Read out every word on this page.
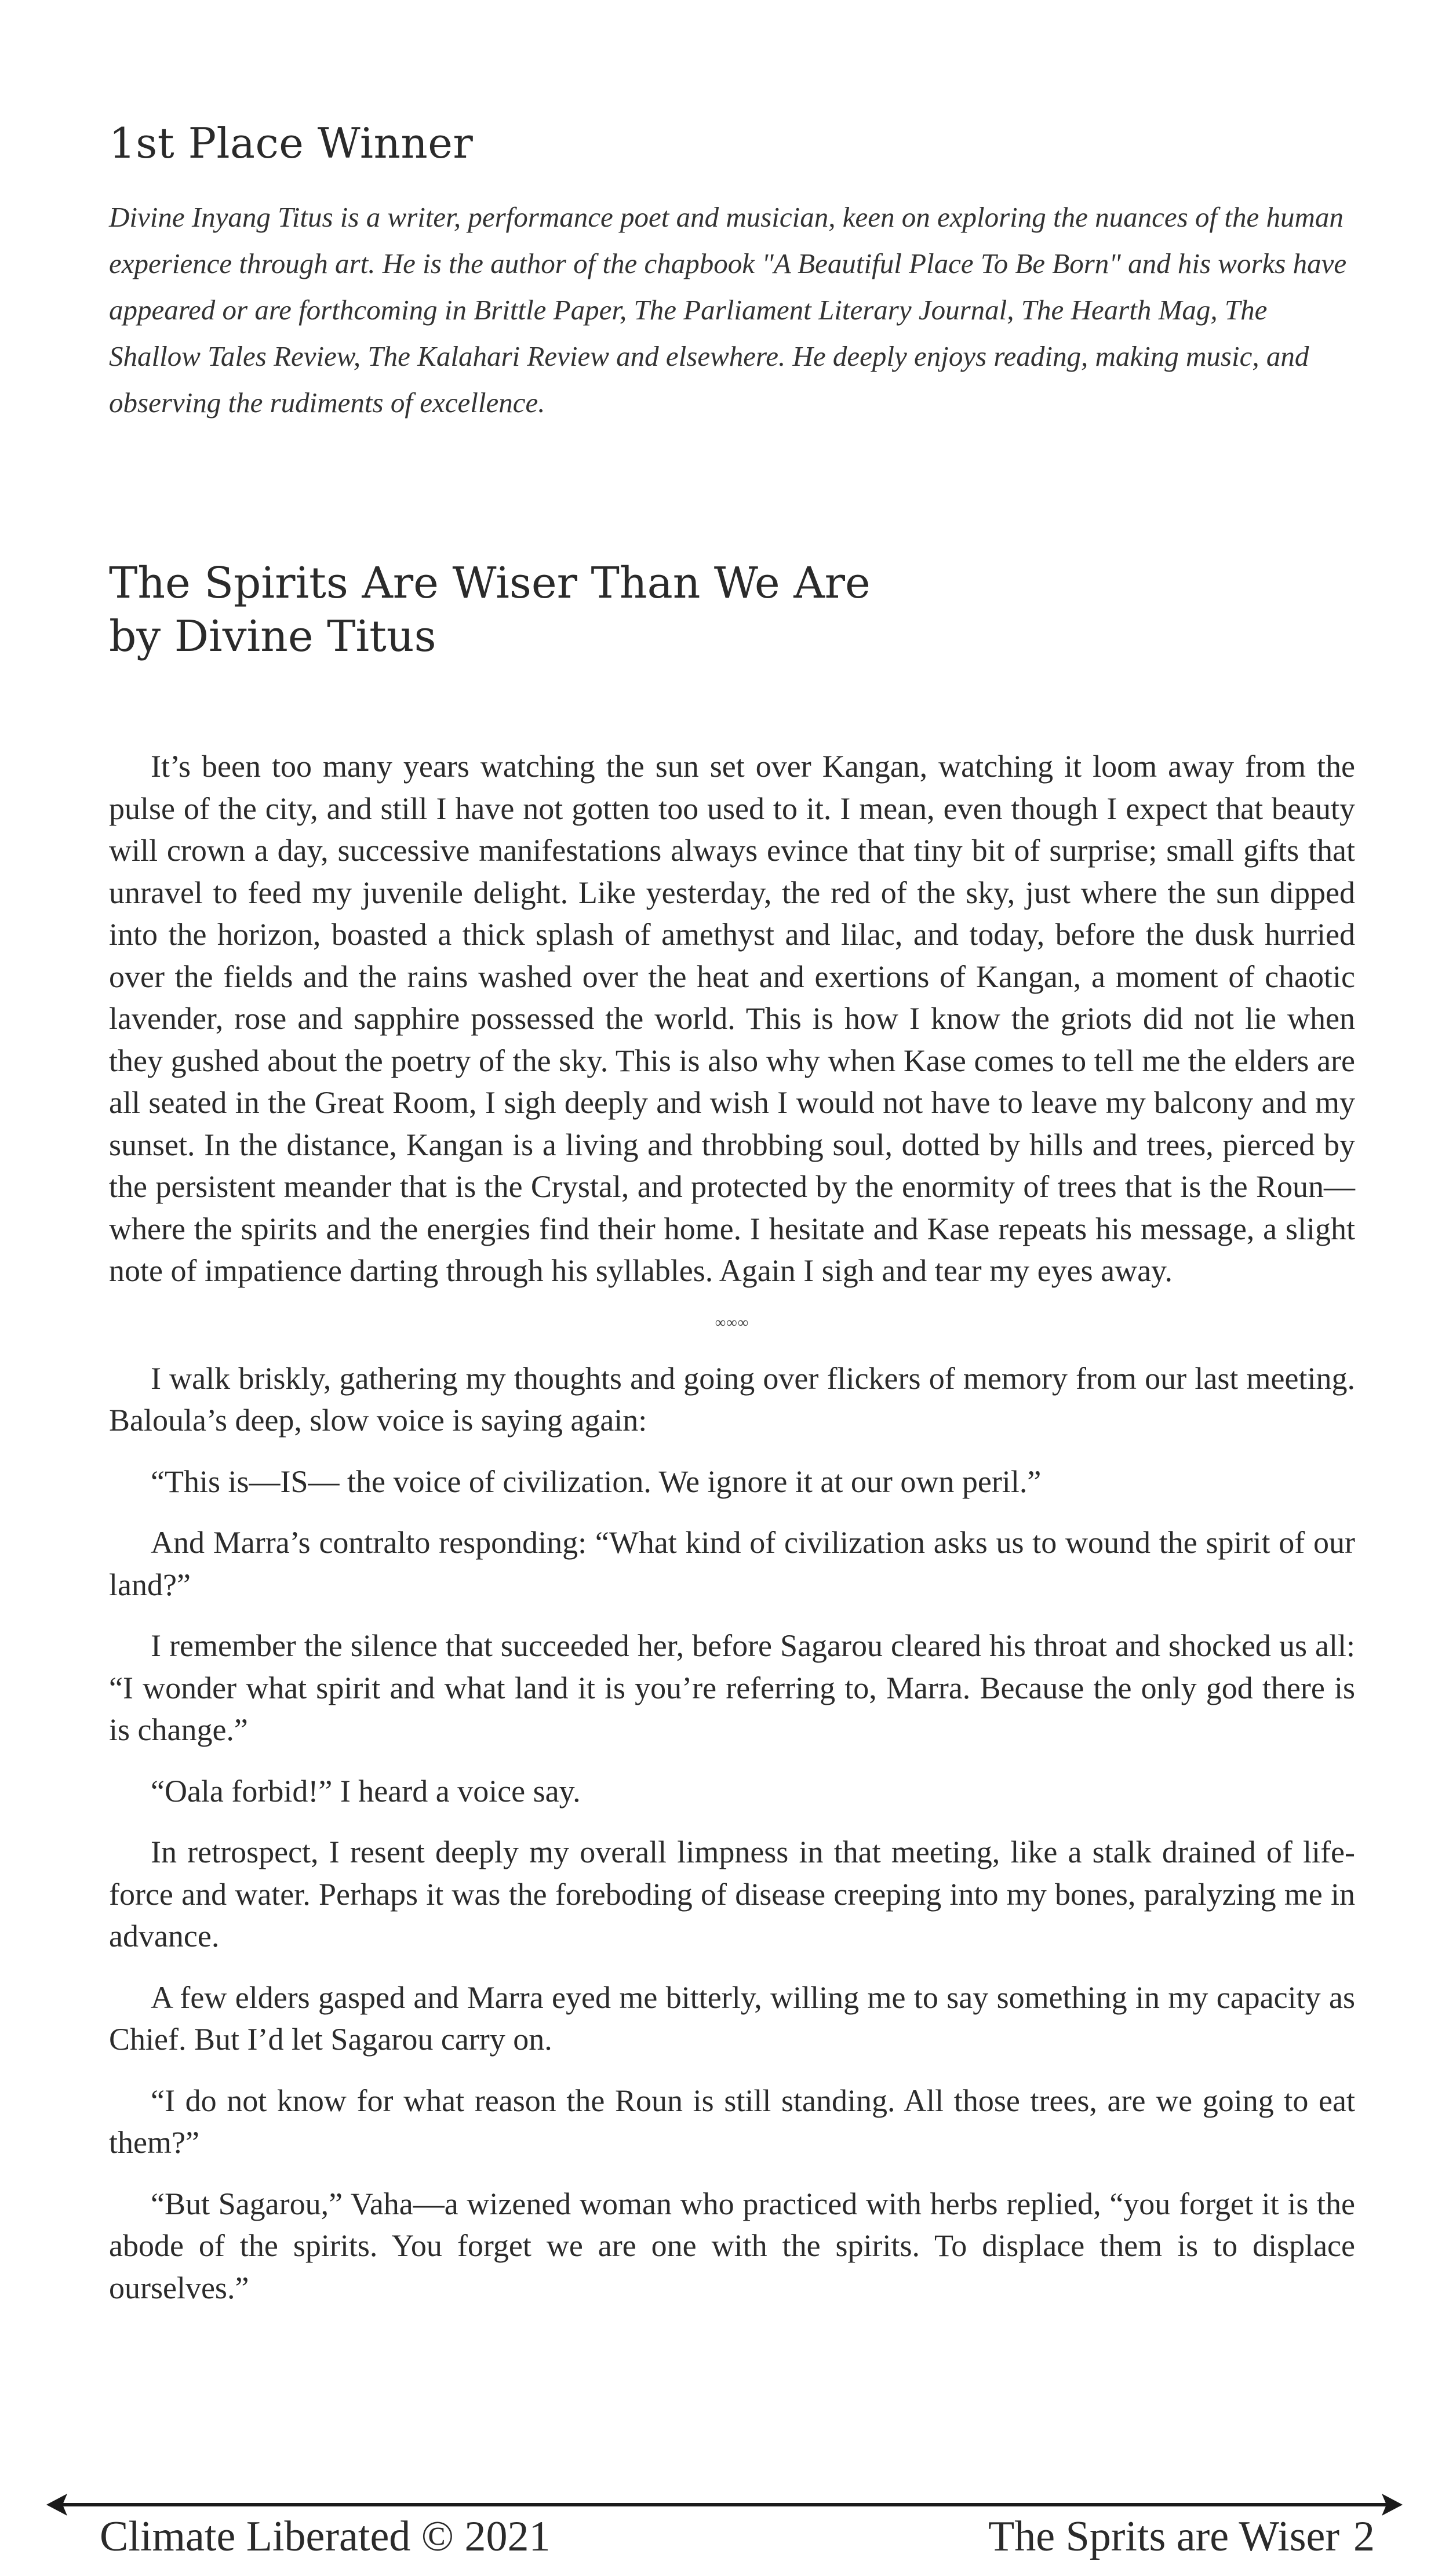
1st Place Winner

Divine Inyang Titus is a writer, performance poet and musician, keen on exploring the nuances of the human experience through art. He is the author of the chapbook "A Beautiful Place To Be Born" and his works have appeared or are forthcoming in Brittle Paper, The Parliament Literary Journal, The Hearth Mag, The Shallow Tales Review, The Kalahari Review and elsewhere. He deeply enjoys reading, making music, and observing the rudiments of excellence.

The Spirits Are Wiser Than We Are
by Divine Titus

It’s been too many years watching the sun set over Kangan, watching it loom away from the pulse of the city, and still I have not gotten too used to it. I mean, even though I expect that beauty will crown a day, successive manifestations always evince that tiny bit of surprise; small gifts that unravel to feed my juvenile delight. Like yesterday, the red of the sky, just where the sun dipped into the horizon, boasted a thick splash of amethyst and lilac, and today, before the dusk hurried over the fields and the rains washed over the heat and exertions of Kangan, a moment of chaotic lavender, rose and sapphire possessed the world. This is how I know the griots did not lie when they gushed about the poetry of the sky. This is also why when Kase comes to tell me the elders are all seated in the Great Room, I sigh deeply and wish I would not have to leave my balcony and my sunset. In the distance, Kangan is a living and throbbing soul, dotted by hills and trees, pierced by the persistent meander that is the Crystal, and protected by the enormity of trees that is the Roun—where the spirits and the energies find their home. I hesitate and Kase repeats his message, a slight note of impatience darting through his syllables. Again I sigh and tear my eyes away.

∞∞∞

I walk briskly, gathering my thoughts and going over flickers of memory from our last meeting. Baloula’s deep, slow voice is saying again:

“This is—IS— the voice of civilization. We ignore it at our own peril.”

And Marra’s contralto responding: “What kind of civilization asks us to wound the spirit of our land?”

I remember the silence that succeeded her, before Sagarou cleared his throat and shocked us all: “I wonder what spirit and what land it is you’re referring to, Marra. Because the only god there is is change.”

“Oala forbid!” I heard a voice say.

In retrospect, I resent deeply my overall limpness in that meeting, like a stalk drained of life-force and water. Perhaps it was the foreboding of disease creeping into my bones, paralyzing me in advance.

A few elders gasped and Marra eyed me bitterly, willing me to say something in my capacity as Chief. But I’d let Sagarou carry on.

“I do not know for what reason the Roun is still standing. All those trees, are we going to eat them?”

“But Sagarou,” Vaha—a wizened woman who practiced with herbs replied, “you forget it is the abode of the spirits. You forget we are one with the spirits. To displace them is to displace ourselves.”

Climate Liberated © 2021	The Sprits are Wiser 2
